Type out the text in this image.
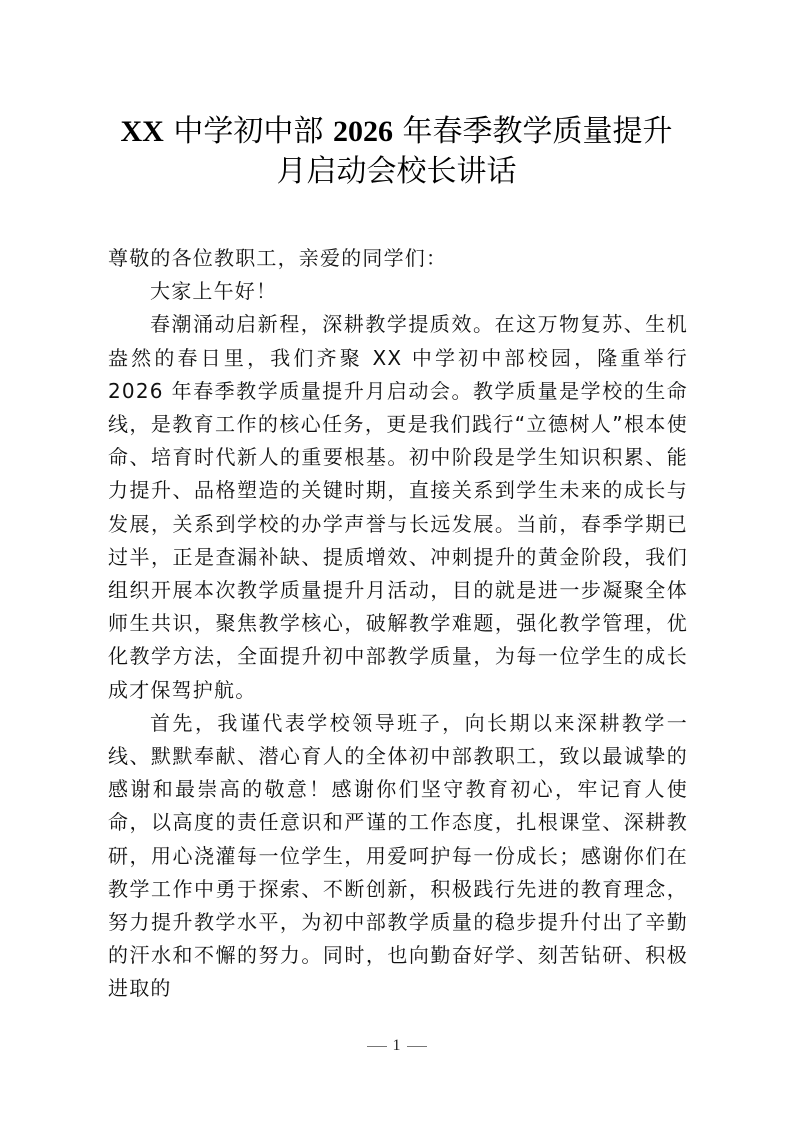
XX 中学初中部 2026 年春季教学质量提升
月启动会校长讲话

尊敬的各位教职工，亲爱的同学们：

大家上午好！

春潮涌动启新程，深耕教学提质效。在这万物复苏、生机盎然的春日里，我们齐聚 XX 中学初中部校园，隆重举行 2026 年春季教学质量提升月启动会。教学质量是学校的生命线，是教育工作的核心任务，更是我们践行“立德树人”根本使命、培育时代新人的重要根基。初中阶段是学生知识积累、能力提升、品格塑造的关键时期，直接关系到学生未来的成长与发展，关系到学校的办学声誉与长远发展。当前，春季学期已过半，正是查漏补缺、提质增效、冲刺提升的黄金阶段，我们组织开展本次教学质量提升月活动，目的就是进一步凝聚全体师生共识，聚焦教学核心，破解教学难题，强化教学管理，优化教学方法，全面提升初中部教学质量，为每一位学生的成长成才保驾护航。

首先，我谨代表学校领导班子，向长期以来深耕教学一线、默默奉献、潜心育人的全体初中部教职工，致以最诚挚的感谢和最崇高的敬意！感谢你们坚守教育初心，牢记育人使命，以高度的责任意识和严谨的工作态度，扎根课堂、深耕教研，用心浇灌每一位学生，用爱呵护每一份成长；感谢你们在教学工作中勇于探索、不断创新，积极践行先进的教育理念，努力提升教学水平，为初中部教学质量的稳步提升付出了辛勤的汗水和不懈的努力。同时，也向勤奋好学、刻苦钻研、积极进取的

1
